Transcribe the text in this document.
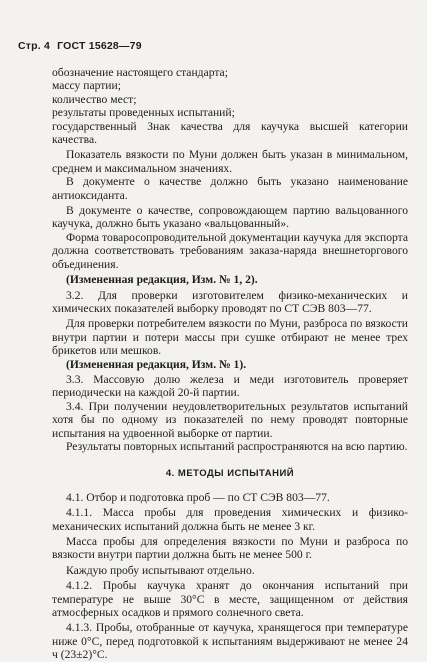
Стр. 4 ГОСТ 15628—79

обозначение настоящего стандарта;

массу партии;

количество мест;

результаты проведенных испытаний;

государственный Знак качества для каучука высшей категории качества.

Показатель вязкости по Муни должен быть указан в минимальном, среднем и максимальном значениях.

В документе о качестве должно быть указано наименование антиоксиданта.

В документе о качестве, сопровождающем партию вальцованного каучука, должно быть указано «вальцованный».

Форма товаросопроводительной документации каучука для экспорта должна соответствовать требованиям заказа-наряда внешнеторгового объединения.

(Измененная редакция, Изм. № 1, 2).

3.2. Для проверки изготовителем физико-механических и химических показателей выборку проводят по СТ СЭВ 803—77.

Для проверки потребителем вязкости по Муни, разброса по вязкости внутри партии и потери массы при сушке отбирают не менее трех брикетов или мешков.

(Измененная редакция, Изм. № 1).

3.3. Массовую долю железа и меди изготовитель проверяет периодически на каждой 20-й партии.

3.4. При получении неудовлетворительных результатов испытаний хотя бы по одному из показателей по нему проводят повторные испытания на удвоенной выборке от партии.

Результаты повторных испытаний распространяются на всю партию.

4. МЕТОДЫ ИСПЫТАНИЙ

4.1. Отбор и подготовка проб — по СТ СЭВ 803—77.

4.1.1. Масса пробы для проведения химических и физико-механических испытаний должна быть не менее 3 кг.

Масса пробы для определения вязкости по Муни и разброса по вязкости внутри партии должна быть не менее 500 г.

Каждую пробу испытывают отдельно.

4.1.2. Пробы каучука хранят до окончания испытаний при температуре не выше 30°С в месте, защищенном от действия атмосферных осадков и прямого солнечного света.

4.1.3. Пробы, отобранные от каучука, хранящегося при температуре ниже 0°С, перед подготовкой к испытаниям выдерживают не менее 24 ч (23±2)°С.
